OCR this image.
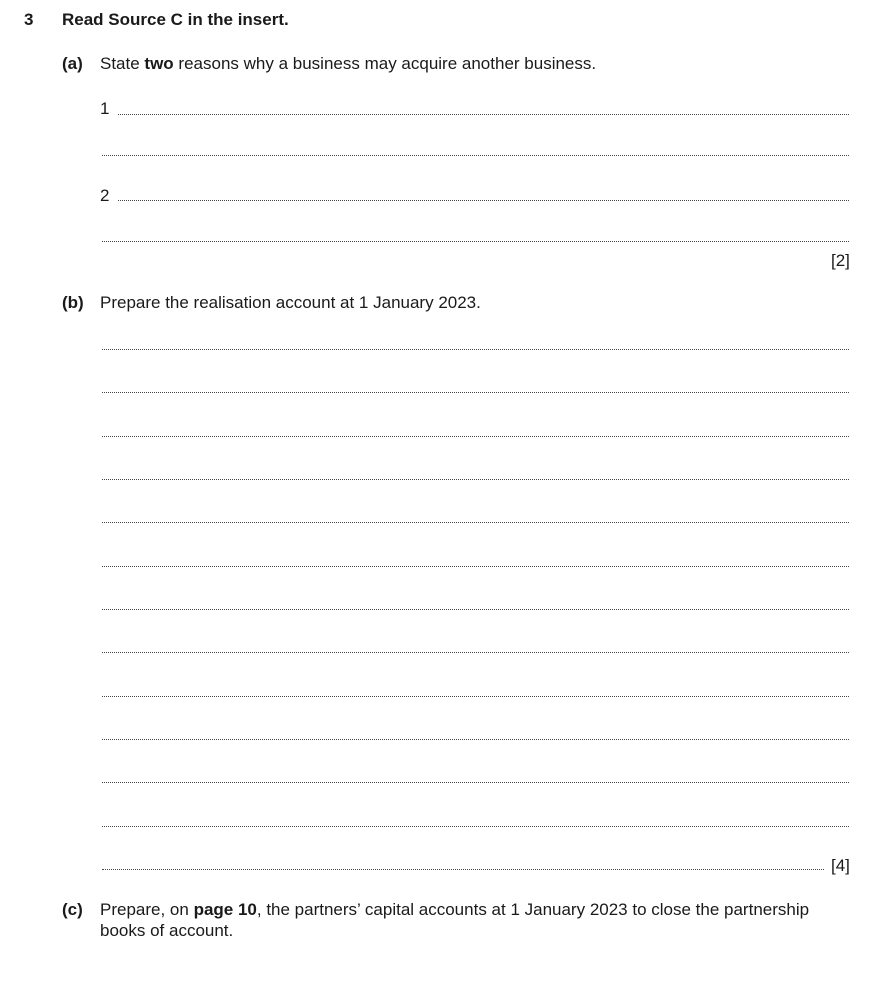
3 Read Source C in the insert.
(a) State two reasons why a business may acquire another business.
1
2
[2]
(b) Prepare the realisation account at 1 January 2023.
[4]
(c) Prepare, on page 10, the partners’ capital accounts at 1 January 2023 to close the partnership
books of account.
